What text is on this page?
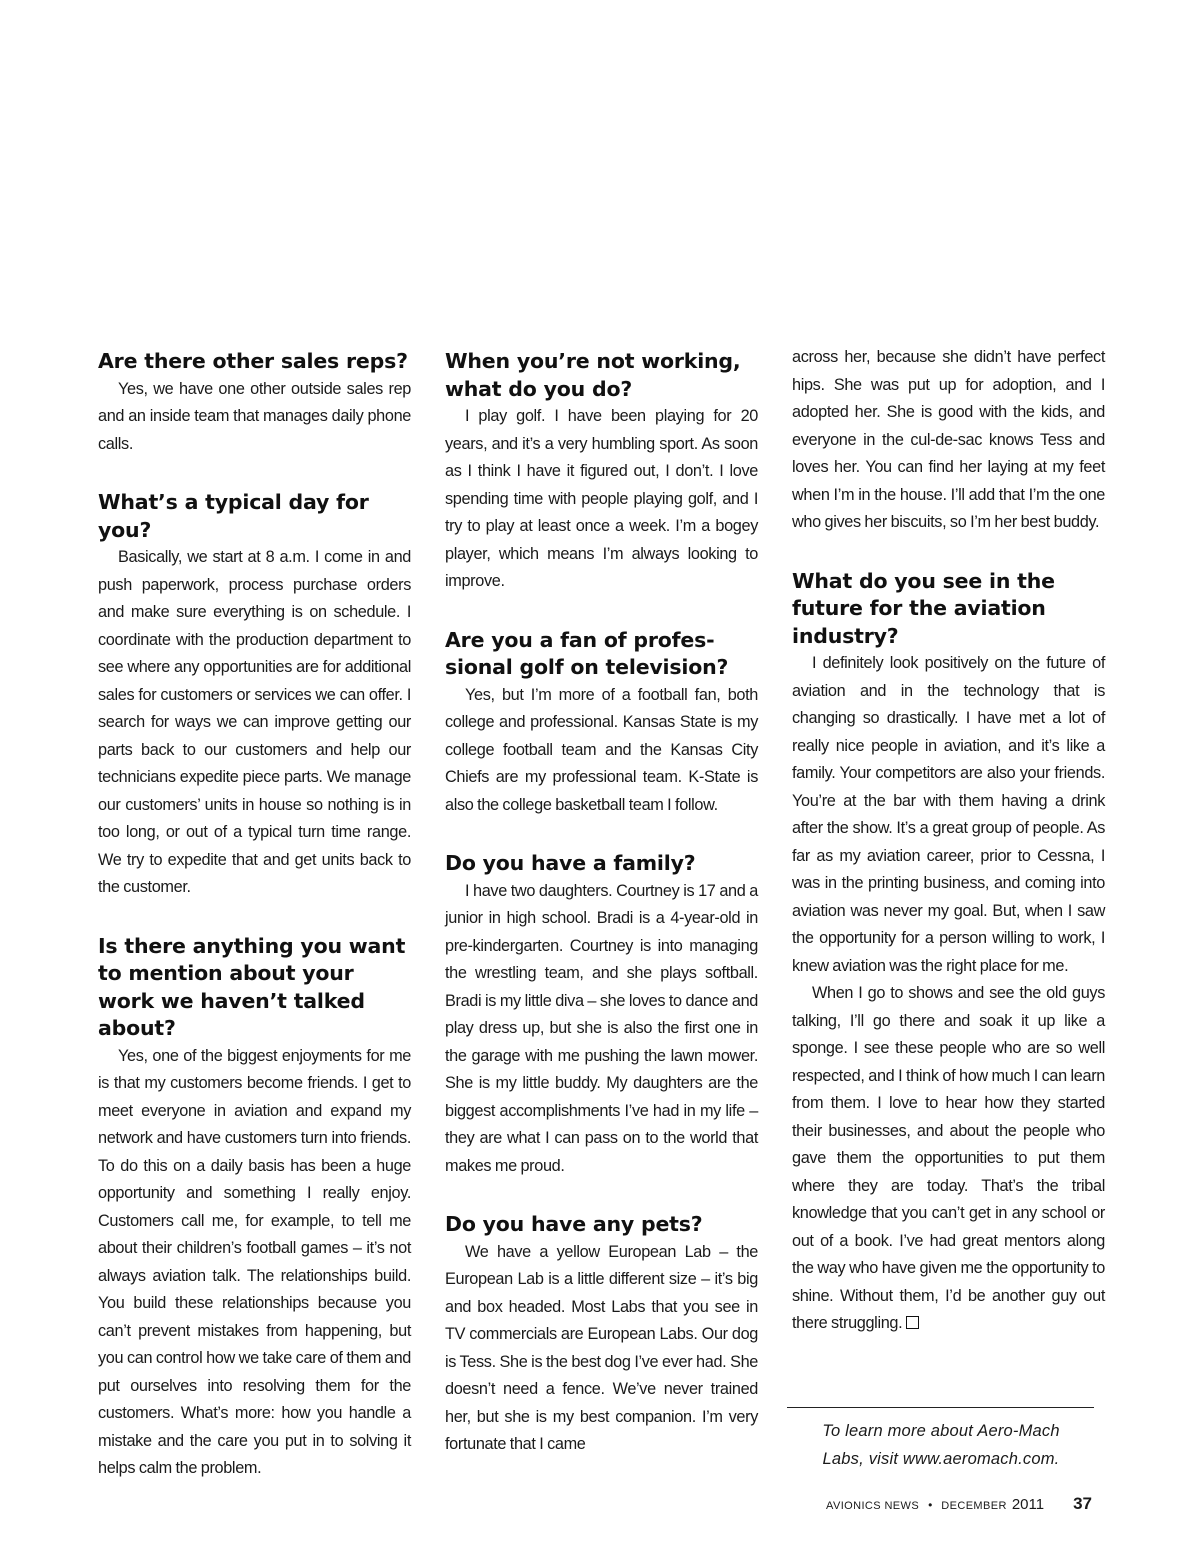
Are there other sales reps?

Yes, we have one other outside sales rep and an inside team that manages daily phone calls.

What’s a typical day for you?

Basically, we start at 8 a.m. I come in and push paperwork, process purchase orders and make sure everything is on schedule. I coordinate with the production department to see where any opportunities are for additional sales for customers or services we can offer. I search for ways we can improve getting our parts back to our customers and help our technicians expedite piece parts. We manage our customers’ units in house so nothing is in too long, or out of a typical turn time range. We try to expedite that and get units back to the customer.

Is there anything you want to mention about your work we haven’t talked about?

Yes, one of the biggest enjoyments for me is that my customers become friends. I get to meet everyone in aviation and expand my network and have customers turn into friends. To do this on a daily basis has been a huge opportunity and something I really enjoy. Customers call me, for example, to tell me about their children’s football games – it’s not always aviation talk. The relationships build. You build these relationships because you can’t prevent mistakes from happening, but you can control how we take care of them and put ourselves into resolving them for the customers. What’s more: how you handle a mistake and the care you put in to solving it helps calm the problem.

When you’re not working, what do you do?

I play golf. I have been playing for 20 years, and it’s a very humbling sport. As soon as I think I have it figured out, I don’t. I love spending time with people playing golf, and I try to play at least once a week. I’m a bogey player, which means I’m always looking to improve.

Are you a fan of professional golf on television?

Yes, but I’m more of a football fan, both college and professional. Kansas State is my college football team and the Kansas City Chiefs are my professional team. K-State is also the college basketball team I follow.

Do you have a family?

I have two daughters. Courtney is 17 and a junior in high school. Bradi is a 4-year-old in pre-kindergarten. Courtney is into managing the wrestling team, and she plays softball. Bradi is my little diva – she loves to dance and play dress up, but she is also the first one in the garage with me pushing the lawn mower. She is my little buddy. My daughters are the biggest accomplishments I’ve had in my life – they are what I can pass on to the world that makes me proud.

Do you have any pets?

We have a yellow European Lab – the European Lab is a little different size – it’s big and box headed. Most Labs that you see in TV commercials are European Labs. Our dog is Tess. She is the best dog I’ve ever had. She doesn’t need a fence. We’ve never trained her, but she is my best companion. I’m very fortunate that I came

across her, because she didn’t have perfect hips. She was put up for adoption, and I adopted her. She is good with the kids, and everyone in the cul-de-sac knows Tess and loves her. You can find her laying at my feet when I’m in the house. I’ll add that I’m the one who gives her biscuits, so I’m her best buddy.

What do you see in the future for the aviation industry?

I definitely look positively on the future of aviation and in the technology that is changing so drastically. I have met a lot of really nice people in aviation, and it’s like a family. Your competitors are also your friends. You’re at the bar with them having a drink after the show. It’s a great group of people. As far as my aviation career, prior to Cessna, I was in the printing business, and coming into aviation was never my goal. But, when I saw the opportunity for a person willing to work, I knew aviation was the right place for me.

When I go to shows and see the old guys talking, I’ll go there and soak it up like a sponge. I see these people who are so well respected, and I think of how much I can learn from them. I love to hear how they started their businesses, and about the people who gave them the opportunities to put them where they are today. That’s the tribal knowledge that you can’t get in any school or out of a book. I’ve had great mentors along the way who have given me the opportunity to shine. Without them, I’d be another guy out there struggling.

To learn more about Aero-Mach Labs, visit www.aeromach.com.
AVIONICS NEWS • DECEMBER 2011 37
